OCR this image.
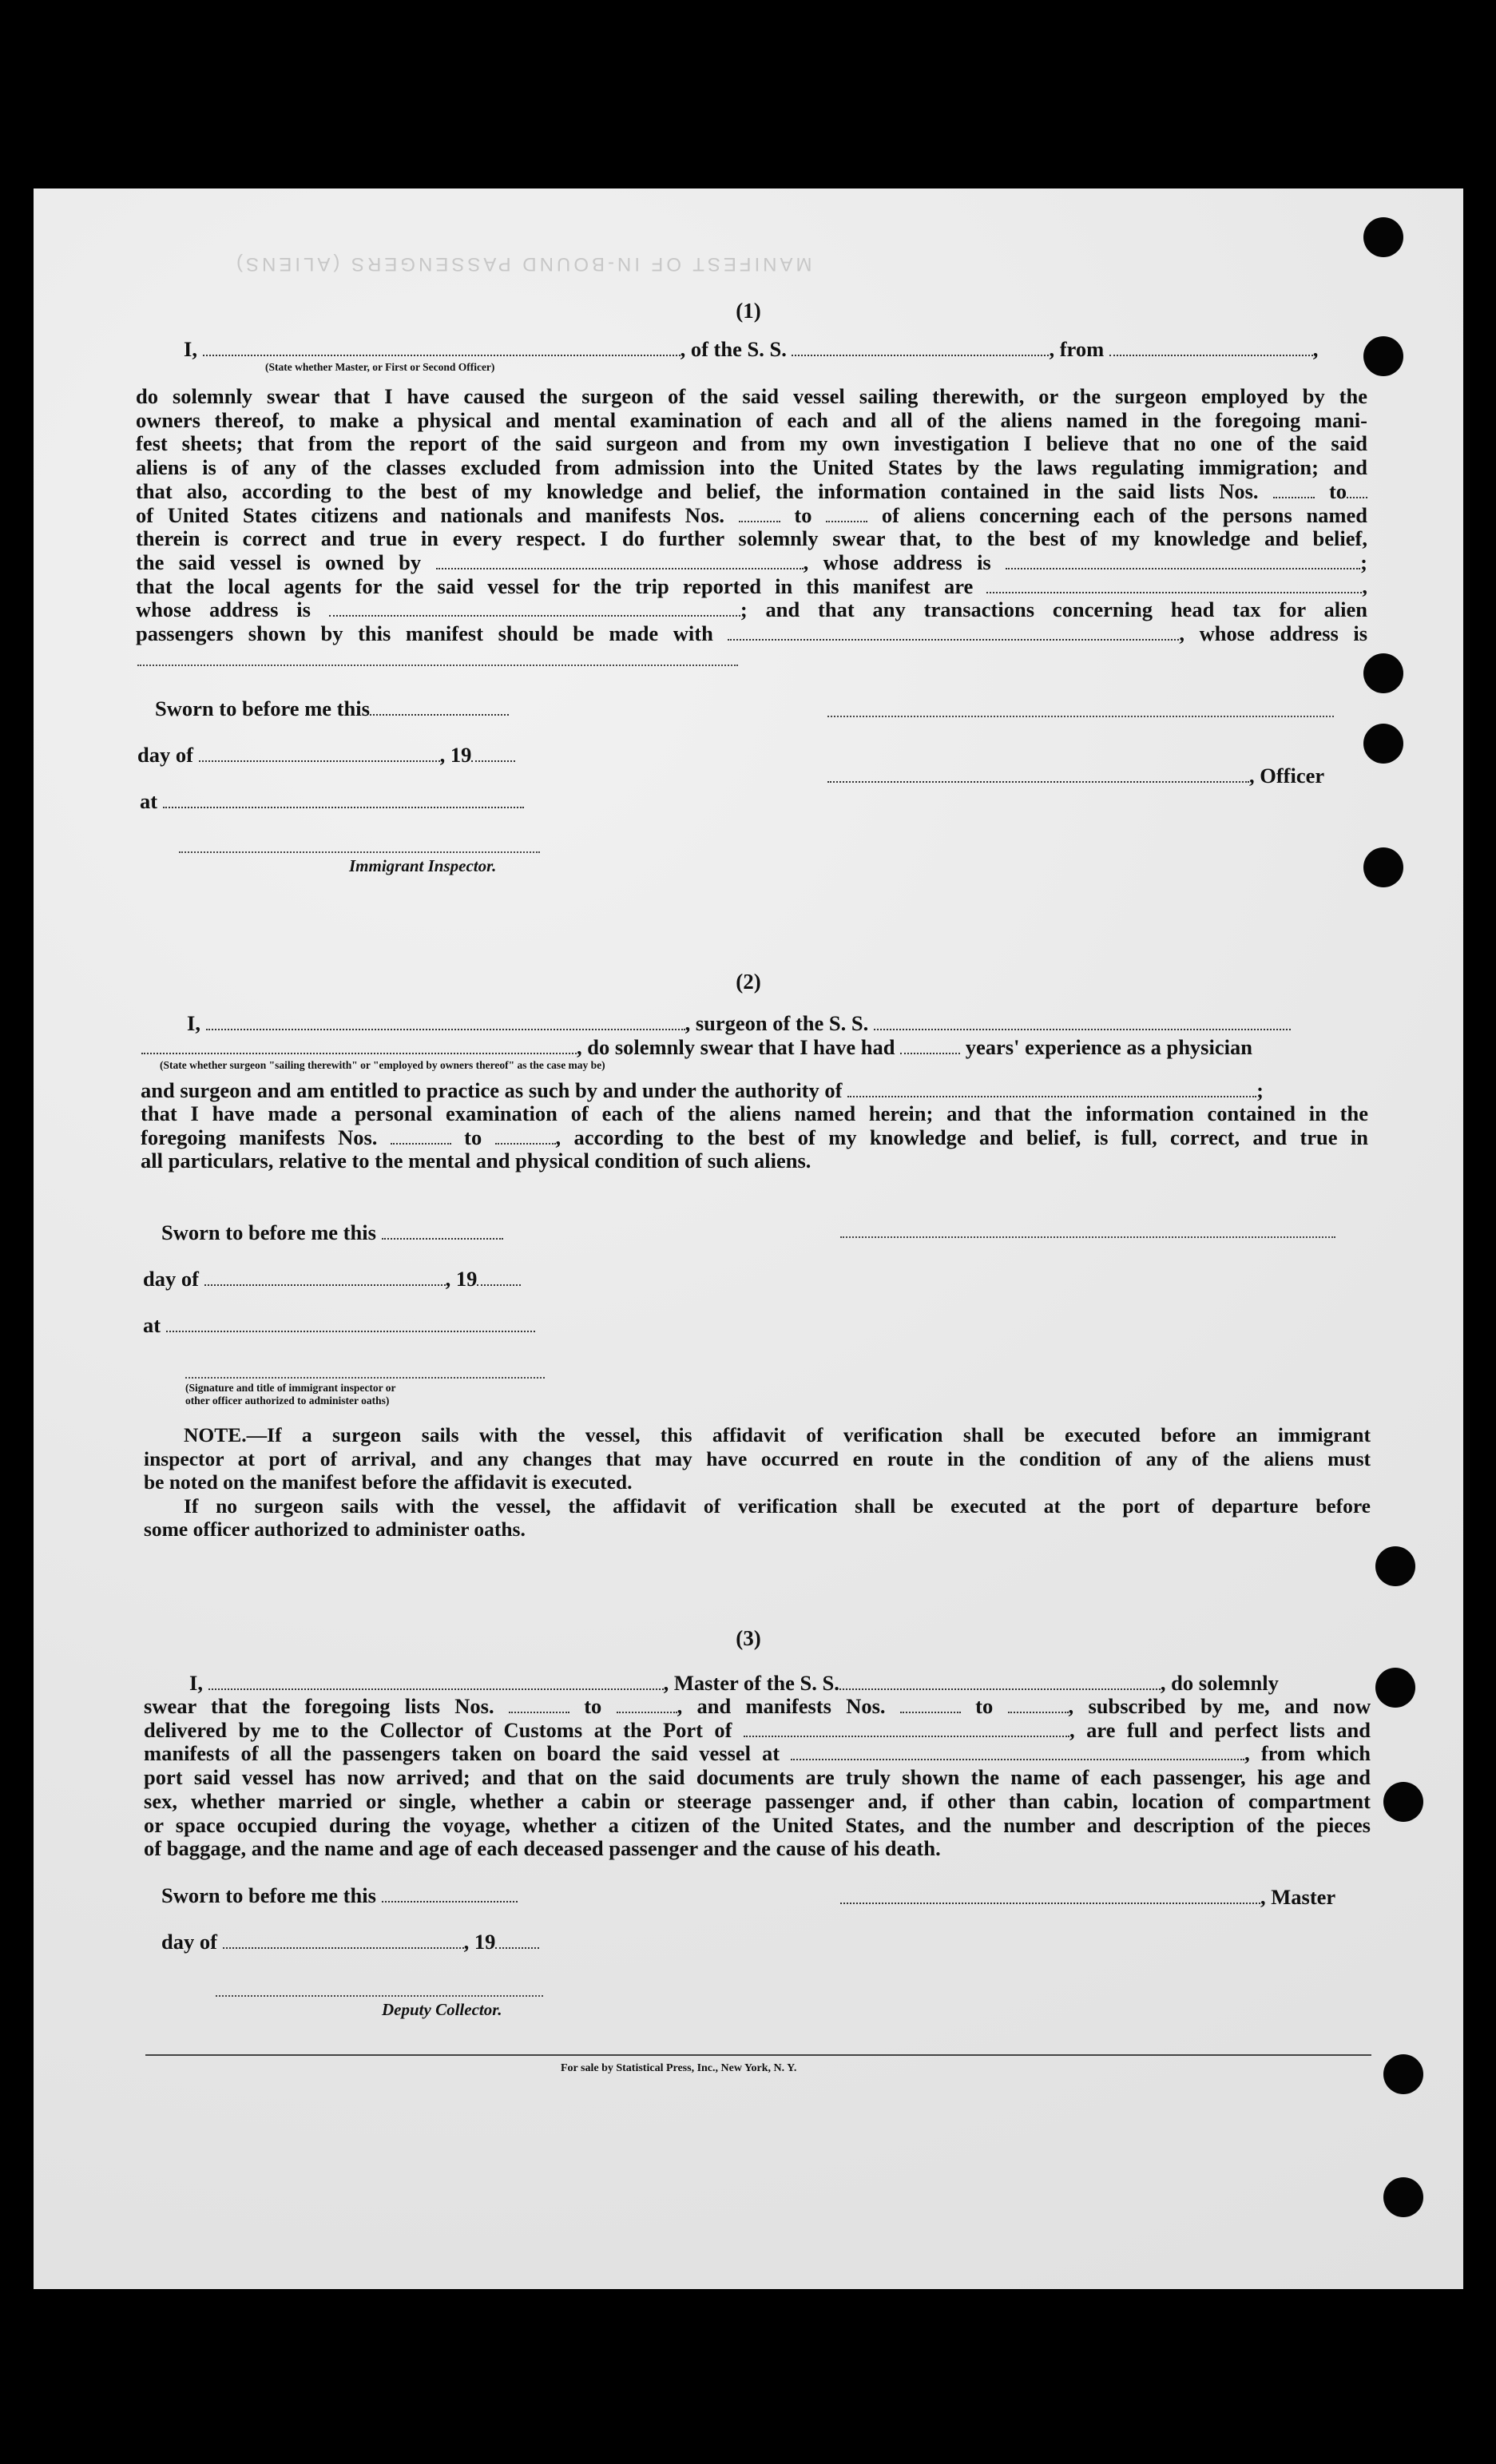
MANIFEST OF IN-BOUND PASSENGERS (ALIENS)
(1)
I,	, of the S. S.	, from	,
(State whether Master, or First or Second Officer)
do solemnly swear that I have caused the surgeon of the said vessel sailing therewith, or the surgeon employed by the
owners thereof, to make a physical and mental examination of each and all of the aliens named in the foregoing mani-
fest sheets; that from the report of the said surgeon and from my own investigation I believe that no one of the said
aliens is of any of the classes excluded from admission into the United States by the laws regulating immigration; and
that also, according to the best of my knowledge and belief, the information contained in the said lists Nos.	to
of United States citizens and nationals and manifests Nos.	to	of aliens concerning each of the persons named
therein is correct and true in every respect. I do further solemnly swear that, to the best of my knowledge and belief,
the said vessel is owned by	, whose address is	;
that the local agents for the said vessel for the trip reported in this manifest are	,
whose address is	; and that any transactions concerning head tax for alien
passengers shown by this manifest should be made with	, whose address is
Sworn to before me this
day of	, 19
at
Immigrant Inspector.
, Officer
(2)
I,	, surgeon of the S. S.
, do solemnly swear that I have had	years' experience as a physician
(State whether surgeon "sailing therewith" or "employed by owners thereof" as the case may be)
and surgeon and am entitled to practice as such by and under the authority of	;
that I have made a personal examination of each of the aliens named herein; and that the information contained in the
foregoing manifests Nos.	to	, according to the best of my knowledge and belief, is full, correct, and true in
all particulars, relative to the mental and physical condition of such aliens.
Sworn to before me this
day of	, 19
at
(Signature and title of immigrant inspector or
other officer authorized to administer oaths)
NOTE.—If a surgeon sails with the vessel, this affidavit of verification shall be executed before an immigrant
inspector at port of arrival, and any changes that may have occurred en route in the condition of any of the aliens must
be noted on the manifest before the affidavit is executed.
If no surgeon sails with the vessel, the affidavit of verification shall be executed at the port of departure before
some officer authorized to administer oaths.
(3)
I,	, Master of the S. S.	, do solemnly
swear that the foregoing lists Nos.	to	, and manifests Nos.	to	, subscribed by me, and now
delivered by me to the Collector of Customs at the Port of	, are full and perfect lists and
manifests of all the passengers taken on board the said vessel at	, from which
port said vessel has now arrived; and that on the said documents are truly shown the name of each passenger, his age and
sex, whether married or single, whether a cabin or steerage passenger and, if other than cabin, location of compartment
or space occupied during the voyage, whether a citizen of the United States, and the number and description of the pieces
of baggage, and the name and age of each deceased passenger and the cause of his death.
Sworn to before me this
day of	, 19
Deputy Collector.
, Master
For sale by Statistical Press, Inc., New York, N. Y.
